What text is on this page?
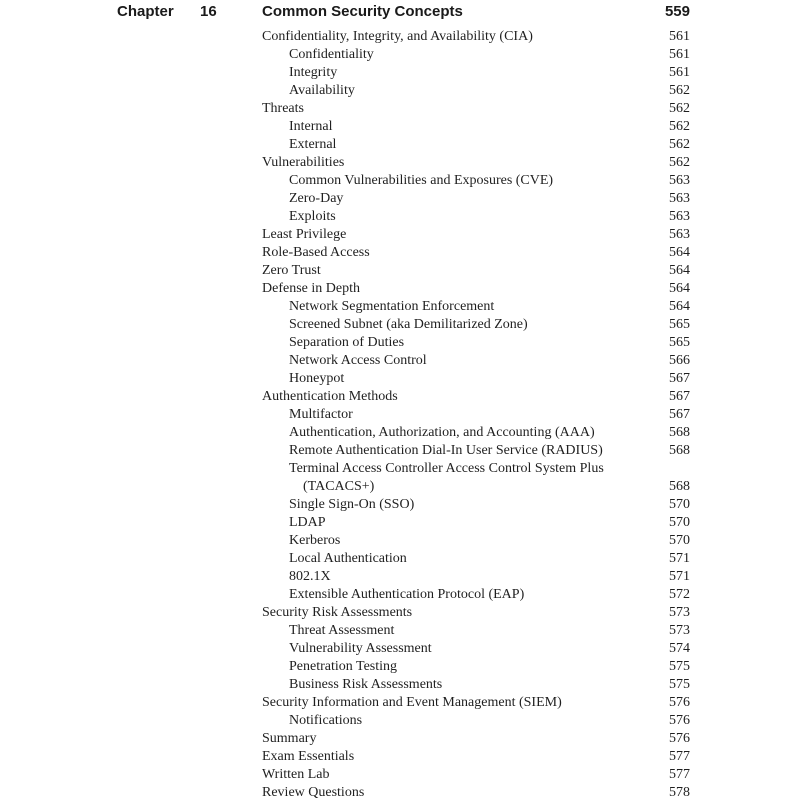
Chapter 16	Common Security Concepts	559
Confidentiality, Integrity, and Availability (CIA)	561
Confidentiality	561
Integrity	561
Availability	562
Threats	562
Internal	562
External	562
Vulnerabilities	562
Common Vulnerabilities and Exposures (CVE)	563
Zero-Day	563
Exploits	563
Least Privilege	563
Role-Based Access	564
Zero Trust	564
Defense in Depth	564
Network Segmentation Enforcement	564
Screened Subnet (aka Demilitarized Zone)	565
Separation of Duties	565
Network Access Control	566
Honeypot	567
Authentication Methods	567
Multifactor	567
Authentication, Authorization, and Accounting (AAA)	568
Remote Authentication Dial-In User Service (RADIUS)	568
Terminal Access Controller Access Control System Plus
(TACACS+)	568
Single Sign-On (SSO)	570
LDAP	570
Kerberos	570
Local Authentication	571
802.1X	571
Extensible Authentication Protocol (EAP)	572
Security Risk Assessments	573
Threat Assessment	573
Vulnerability Assessment	574
Penetration Testing	575
Business Risk Assessments	575
Security Information and Event Management (SIEM)	576
Notifications	576
Summary	576
Exam Essentials	577
Written Lab	577
Review Questions	578
